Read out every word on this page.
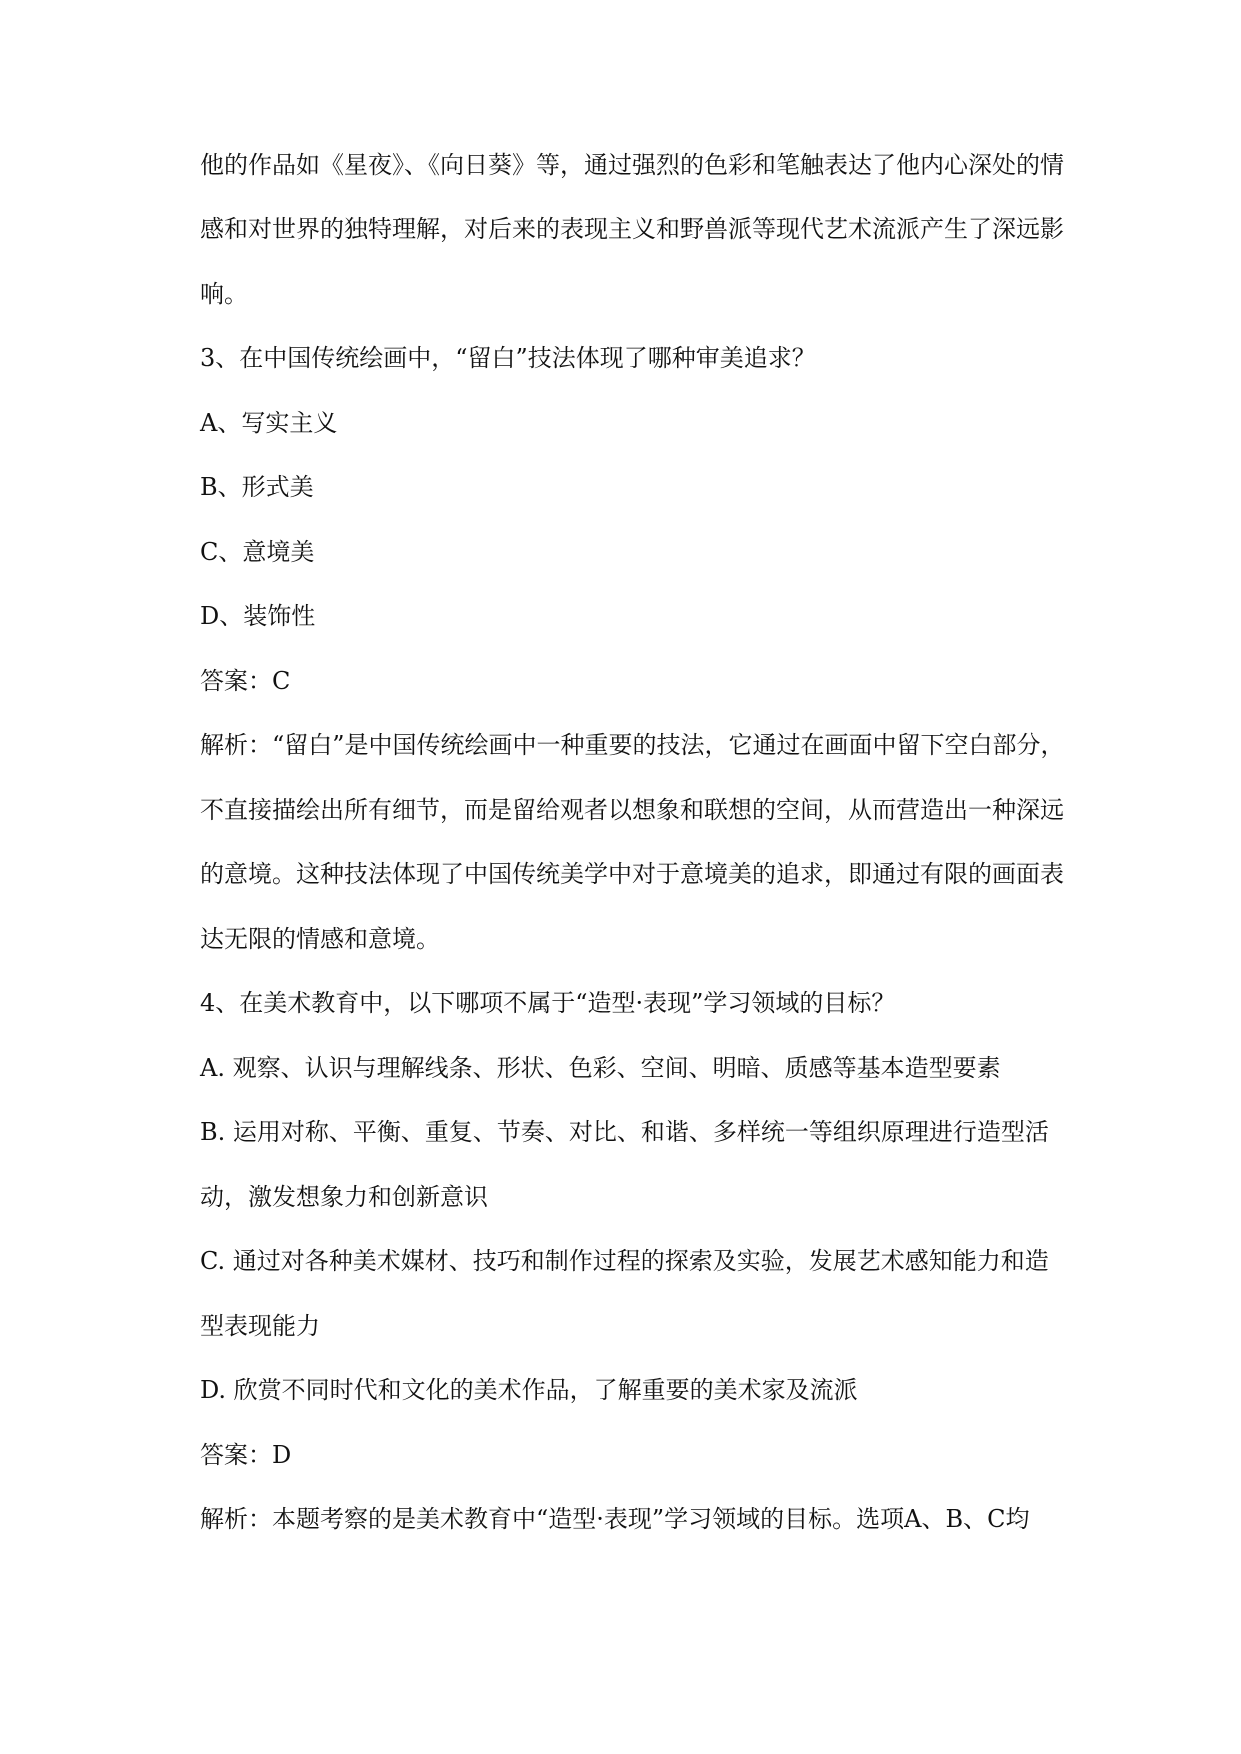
他的作品如《星夜》、《向日葵》等，通过强烈的色彩和笔触表达了他内心深处的情
感和对世界的独特理解，对后来的表现主义和野兽派等现代艺术流派产生了深远影
响。
3、在中国传统绘画中，“留白”技法体现了哪种审美追求？
A、写实主义
B、形式美
C、意境美
D、装饰性
答案：C
解析：“留白”是中国传统绘画中一种重要的技法，它通过在画面中留下空白部分，
不直接描绘出所有细节，而是留给观者以想象和联想的空间，从而营造出一种深远
的意境。这种技法体现了中国传统美学中对于意境美的追求，即通过有限的画面表
达无限的情感和意境。
4、在美术教育中，以下哪项不属于“造型·表现”学习领域的目标？
A. 观察、认识与理解线条、形状、色彩、空间、明暗、质感等基本造型要素
B. 运用对称、平衡、重复、节奏、对比、和谐、多样统一等组织原理进行造型活
动，激发想象力和创新意识
C. 通过对各种美术媒材、技巧和制作过程的探索及实验，发展艺术感知能力和造
型表现能力
D. 欣赏不同时代和文化的美术作品，了解重要的美术家及流派
答案：D
解析：本题考察的是美术教育中“造型·表现”学习领域的目标。选项A、B、C均
